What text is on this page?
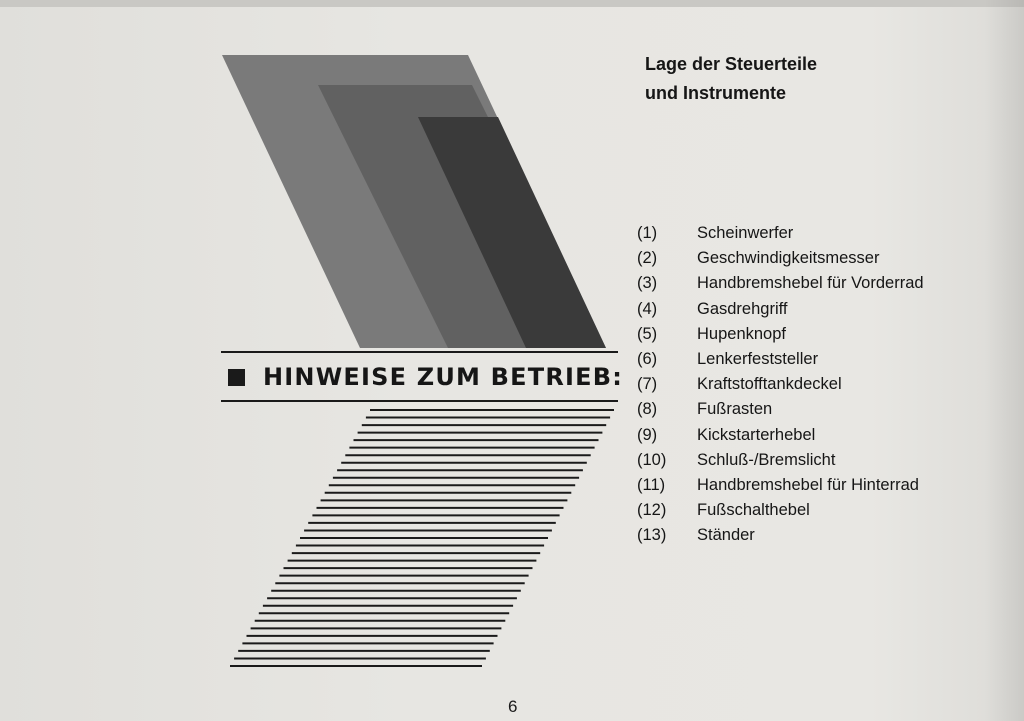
HINWEISE ZUM BETRIEB:
Lage der Steuerteile
und Instrumente
(1)	Scheinwerfer
(2)	Geschwindigkeitsmesser
(3)	Handbremshebel für Vorderrad
(4)	Gasdrehgriff
(5)	Hupenknopf
(6)	Lenkerfeststeller
(7)	Kraftstofftankdeckel
(8)	Fußrasten
(9)	Kickstarterhebel
(10)	Schluß-/Bremslicht
(11)	Handbremshebel für Hinterrad
(12)	Fußschalthebel
(13)	Ständer
6
